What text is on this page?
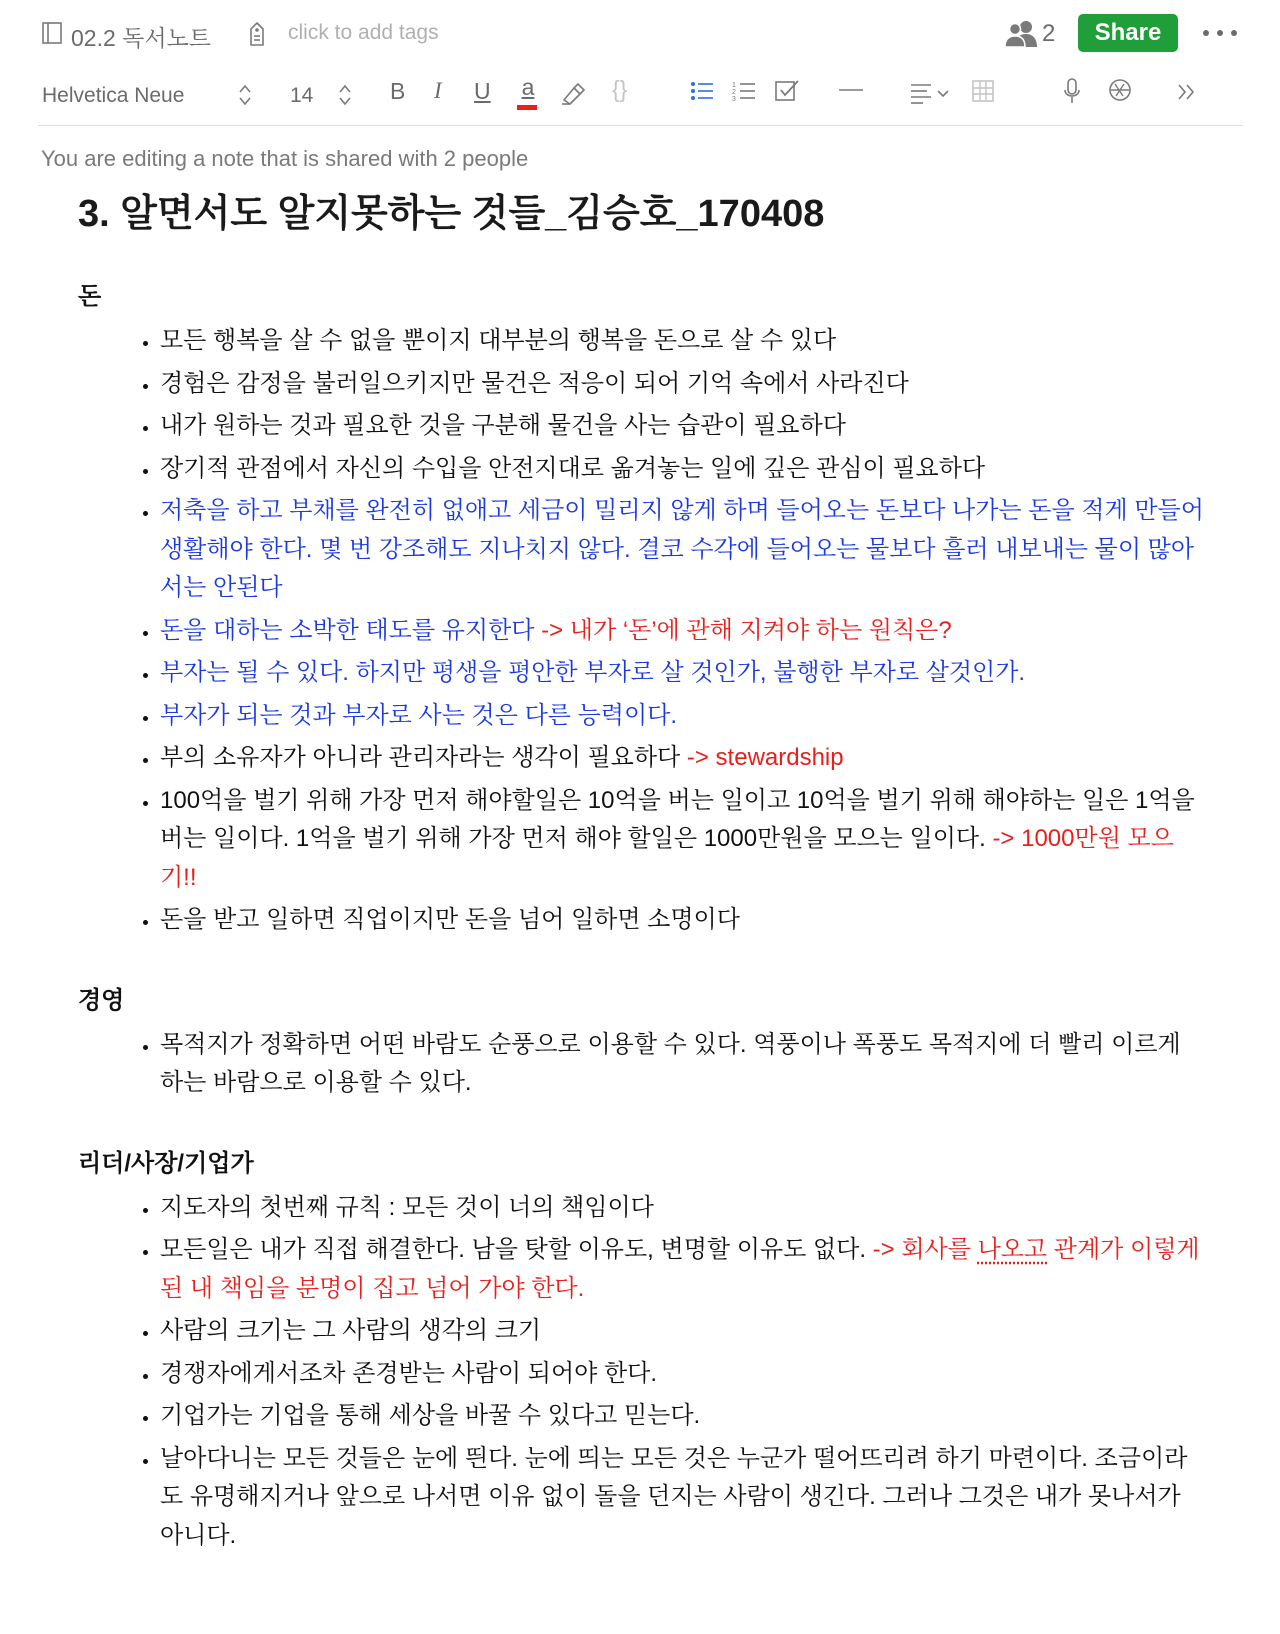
02.2 독서노트	click to add tags	2	Share
Helvetica Neue	14	B I U a	{}	1
2
3
You are editing a note that is shared with 2 people
3. 알면서도 알지못하는 것들_김승호_170408
돈
• 모든 행복을 살 수 없을 뿐이지 대부분의 행복을 돈으로 살 수 있다
• 경험은 감정을 불러일으키지만 물건은 적응이 되어 기억 속에서 사라진다
• 내가 원하는 것과 필요한 것을 구분해 물건을 사는 습관이 필요하다
• 장기적 관점에서 자신의 수입을 안전지대로 옮겨놓는 일에 깊은 관심이 필요하다
• 저축을 하고 부채를 완전히 없애고 세금이 밀리지 않게 하며 들어오는 돈보다 나가는 돈을 적게 만들어 생활해야 한다. 몇 번 강조해도 지나치지 않다. 결코 수각에 들어오는 물보다 흘러 내보내는 물이 많아서는 안된다
• 돈을 대하는 소박한 태도를 유지한다 -> 내가 ‘돈’에 관해 지켜야 하는 원칙은?
• 부자는 될 수 있다. 하지만 평생을 평안한 부자로 살 것인가, 불행한 부자로 살것인가.
• 부자가 되는 것과 부자로 사는 것은 다른 능력이다.
• 부의 소유자가 아니라 관리자라는 생각이 필요하다 -> stewardship
• 100억을 벌기 위해 가장 먼저 해야할일은 10억을 버는 일이고 10억을 벌기 위해 해야하는 일은 1억을 버는 일이다. 1억을 벌기 위해 가장 먼저 해야 할일은 1000만원을 모으는 일이다. -> 1000만원 모으기!!
• 돈을 받고 일하면 직업이지만 돈을 넘어 일하면 소명이다
경영
• 목적지가 정확하면 어떤 바람도 순풍으로 이용할 수 있다. 역풍이나 폭풍도 목적지에 더 빨리 이르게 하는 바람으로 이용할 수 있다.
리더/사장/기업가
• 지도자의 첫번째 규칙 : 모든 것이 너의 책임이다
• 모든일은 내가 직접 해결한다. 남을 탓할 이유도, 변명할 이유도 없다. -> 회사를 나오고 관계가 이렇게 된 내 책임을 분명이 집고 넘어 가야 한다.
• 사람의 크기는 그 사람의 생각의 크기
• 경쟁자에게서조차 존경받는 사람이 되어야 한다.
• 기업가는 기업을 통해 세상을 바꿀 수 있다고 믿는다.
• 날아다니는 모든 것들은 눈에 띈다. 눈에 띄는 모든 것은 누군가 떨어뜨리려 하기 마련이다. 조금이라도 유명해지거나 앞으로 나서면 이유 없이 돌을 던지는 사람이 생긴다. 그러나 그것은 내가 못나서가 아니다.
